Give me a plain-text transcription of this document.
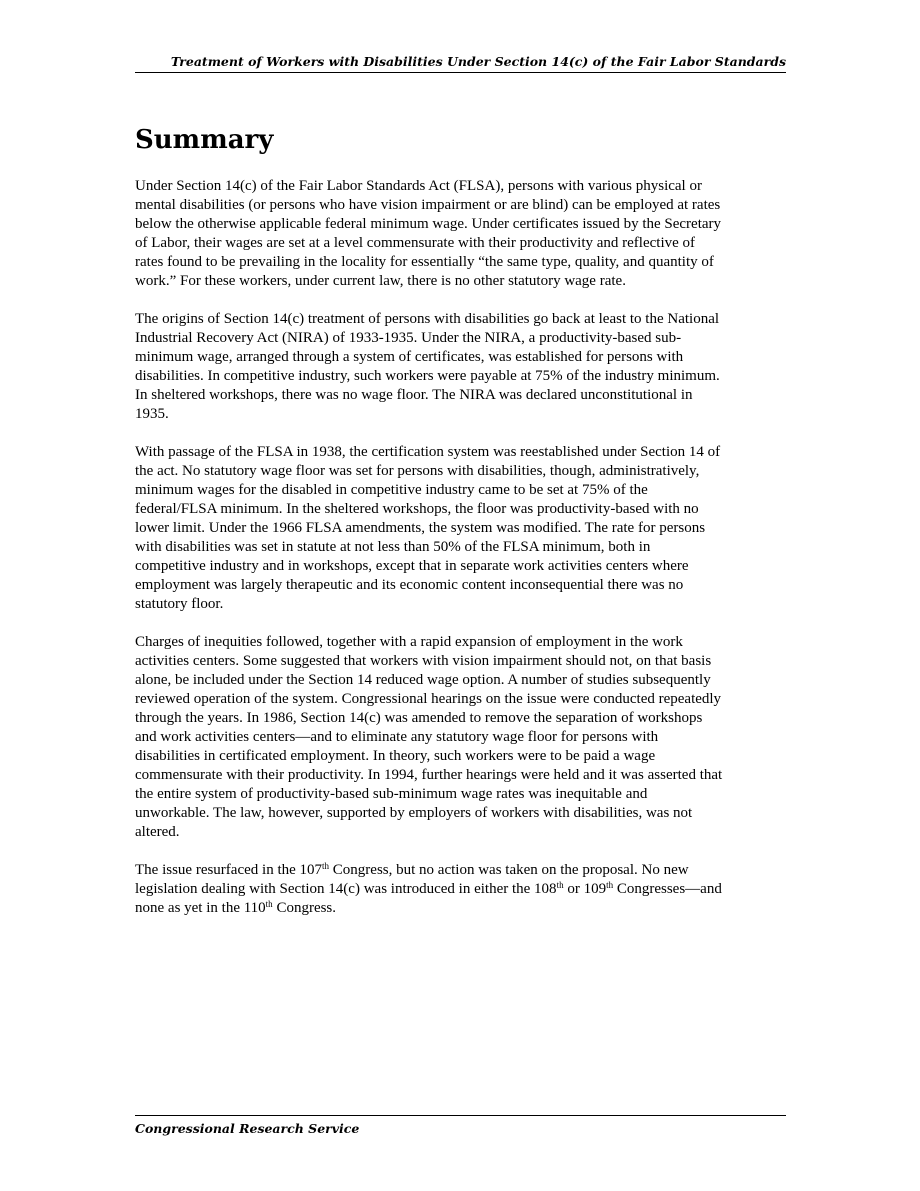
Treatment of Workers with Disabilities Under Section 14(c) of the Fair Labor Standards
Summary

Under Section 14(c) of the Fair Labor Standards Act (FLSA), persons with various physical or
mental disabilities (or persons who have vision impairment or are blind) can be employed at rates
below the otherwise applicable federal minimum wage. Under certificates issued by the Secretary
of Labor, their wages are set at a level commensurate with their productivity and reflective of
rates found to be prevailing in the locality for essentially “the same type, quality, and quantity of
work.” For these workers, under current law, there is no other statutory wage rate.

The origins of Section 14(c) treatment of persons with disabilities go back at least to the National
Industrial Recovery Act (NIRA) of 1933-1935. Under the NIRA, a productivity-based sub-
minimum wage, arranged through a system of certificates, was established for persons with
disabilities. In competitive industry, such workers were payable at 75% of the industry minimum.
In sheltered workshops, there was no wage floor. The NIRA was declared unconstitutional in
1935.

With passage of the FLSA in 1938, the certification system was reestablished under Section 14 of
the act. No statutory wage floor was set for persons with disabilities, though, administratively,
minimum wages for the disabled in competitive industry came to be set at 75% of the
federal/FLSA minimum. In the sheltered workshops, the floor was productivity-based with no
lower limit. Under the 1966 FLSA amendments, the system was modified. The rate for persons
with disabilities was set in statute at not less than 50% of the FLSA minimum, both in
competitive industry and in workshops, except that in separate work activities centers where
employment was largely therapeutic and its economic content inconsequential there was no
statutory floor.

Charges of inequities followed, together with a rapid expansion of employment in the work
activities centers. Some suggested that workers with vision impairment should not, on that basis
alone, be included under the Section 14 reduced wage option. A number of studies subsequently
reviewed operation of the system. Congressional hearings on the issue were conducted repeatedly
through the years. In 1986, Section 14(c) was amended to remove the separation of workshops
and work activities centers—and to eliminate any statutory wage floor for persons with
disabilities in certificated employment. In theory, such workers were to be paid a wage
commensurate with their productivity. In 1994, further hearings were held and it was asserted that
the entire system of productivity-based sub-minimum wage rates was inequitable and
unworkable. The law, however, supported by employers of workers with disabilities, was not
altered.

The issue resurfaced in the 107th Congress, but no action was taken on the proposal. No new
legislation dealing with Section 14(c) was introduced in either the 108th or 109th Congresses—and
none as yet in the 110th Congress.

Congressional Research Service
